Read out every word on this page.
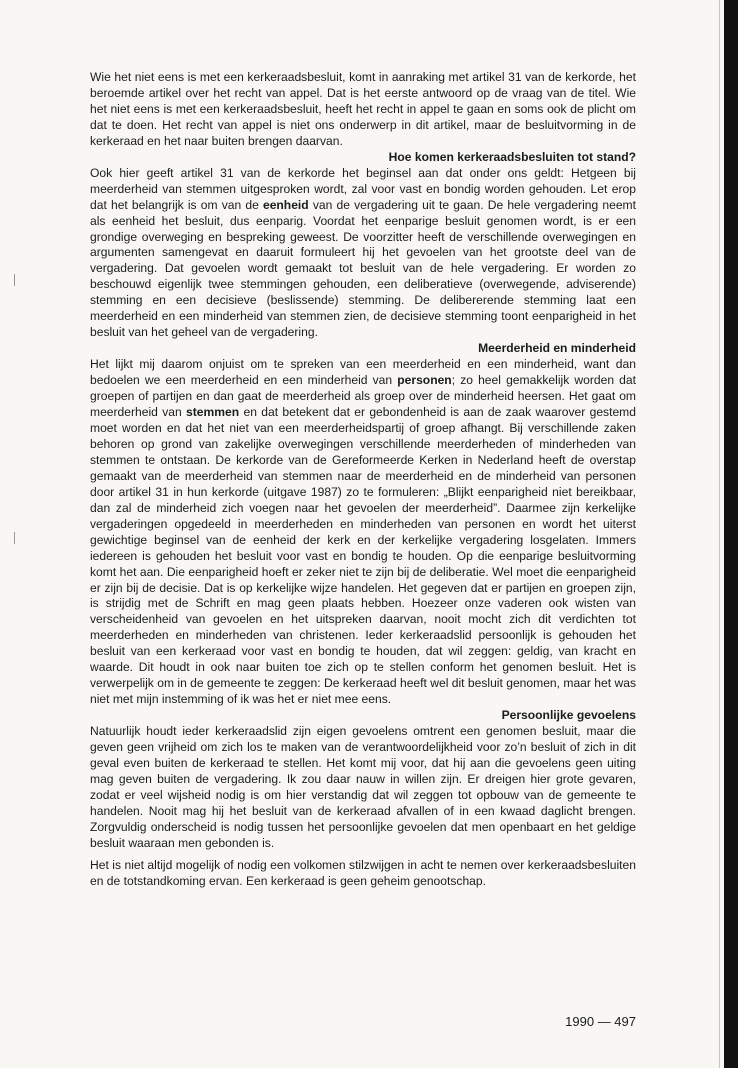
Wie het niet eens is met een kerkeraadsbesluit, komt in aanraking met artikel 31 van de kerkorde, het beroemde artikel over het recht van appel. Dat is het eerste antwoord op de vraag van de titel. Wie het niet eens is met een kerkeraadsbesluit, heeft het recht in appel te gaan en soms ook de plicht om dat te doen. Het recht van appel is niet ons onderwerp in dit artikel, maar de besluitvorming in de kerkeraad en het naar buiten brengen daarvan.

Hoe komen kerkeraadsbesluiten tot stand?

Ook hier geeft artikel 31 van de kerkorde het beginsel aan dat onder ons geldt: Hetgeen bij meerderheid van stemmen uitgesproken wordt, zal voor vast en bondig worden gehouden. Let erop dat het belangrijk is om van de eenheid van de vergadering uit te gaan. De hele vergadering neemt als eenheid het besluit, dus eenparig. Voordat het eenparige besluit genomen wordt, is er een grondige overweging en bespreking geweest. De voorzitter heeft de verschillende overwegingen en argumenten samengevat en daaruit formuleert hij het gevoelen van het grootste deel van de vergadering. Dat gevoelen wordt gemaakt tot besluit van de hele vergadering. Er worden zo beschouwd eigenlijk twee stemmingen gehouden, een deliberatieve (overwegende, adviserende) stemming en een decisieve (beslissende) stemming. De delibererende stemming laat een meerderheid en een minderheid van stemmen zien, de decisieve stemming toont eenparigheid in het besluit van het geheel van de vergadering.

Meerderheid en minderheid

Het lijkt mij daarom onjuist om te spreken van een meerderheid en een minderheid, want dan bedoelen we een meerderheid en een minderheid van personen; zo heel gemakkelijk worden dat groepen of partijen en dan gaat de meerderheid als groep over de minderheid heersen. Het gaat om meerderheid van stemmen en dat betekent dat er gebondenheid is aan de zaak waarover gestemd moet worden en dat het niet van een meerderheidspartij of groep afhangt. Bij verschillende zaken behoren op grond van zakelijke overwegingen verschillende meerderheden of minderheden van stemmen te ontstaan. De kerkorde van de Gereformeerde Kerken in Nederland heeft de overstap gemaakt van de meerderheid van stemmen naar de meerderheid en de minderheid van personen door artikel 31 in hun kerkorde (uitgave 1987) zo te formuleren: „Blijkt eenparigheid niet bereikbaar, dan zal de minderheid zich voegen naar het gevoelen der meerderheid”. Daarmee zijn kerkelijke vergaderingen opgedeeld in meerderheden en minderheden van personen en wordt het uiterst gewichtige beginsel van de eenheid der kerk en der kerkelijke vergadering losgelaten. Immers iedereen is gehouden het besluit voor vast en bondig te houden. Op die eenparige besluitvorming komt het aan. Die eenparigheid hoeft er zeker niet te zijn bij de deliberatie. Wel moet die eenparigheid er zijn bij de decisie. Dat is op kerkelijke wijze handelen. Het gegeven dat er partijen en groepen zijn, is strijdig met de Schrift en mag geen plaats hebben. Hoezeer onze vaderen ook wisten van verscheidenheid van gevoelen en het uitspreken daarvan, nooit mocht zich dit verdichten tot meerderheden en minderheden van christenen. Ieder kerkeraadslid persoonlijk is gehouden het besluit van een kerkeraad voor vast en bondig te houden, dat wil zeggen: geldig, van kracht en waarde. Dit houdt in ook naar buiten toe zich op te stellen conform het genomen besluit. Het is verwerpelijk om in de gemeente te zeggen: De kerkeraad heeft wel dit besluit genomen, maar het was niet met mijn instemming of ik was het er niet mee eens.

Persoonlijke gevoelens

Natuurlijk houdt ieder kerkeraadslid zijn eigen gevoelens omtrent een genomen besluit, maar die geven geen vrijheid om zich los te maken van de verantwoordelijkheid voor zo’n besluit of zich in dit geval even buiten de kerkeraad te stellen. Het komt mij voor, dat hij aan die gevoelens geen uiting mag geven buiten de vergadering. Ik zou daar nauw in willen zijn. Er dreigen hier grote gevaren, zodat er veel wijsheid nodig is om hier verstandig dat wil zeggen tot opbouw van de gemeente te handelen. Nooit mag hij het besluit van de kerkeraad afvallen of in een kwaad daglicht brengen. Zorgvuldig onderscheid is nodig tussen het persoonlijke gevoelen dat men openbaart en het geldige besluit waaraan men gebonden is.

Het is niet altijd mogelijk of nodig een volkomen stilzwijgen in acht te nemen over kerkeraadsbesluiten en de totstandkoming ervan. Een kerkeraad is geen geheim genootschap.

1990 — 497
